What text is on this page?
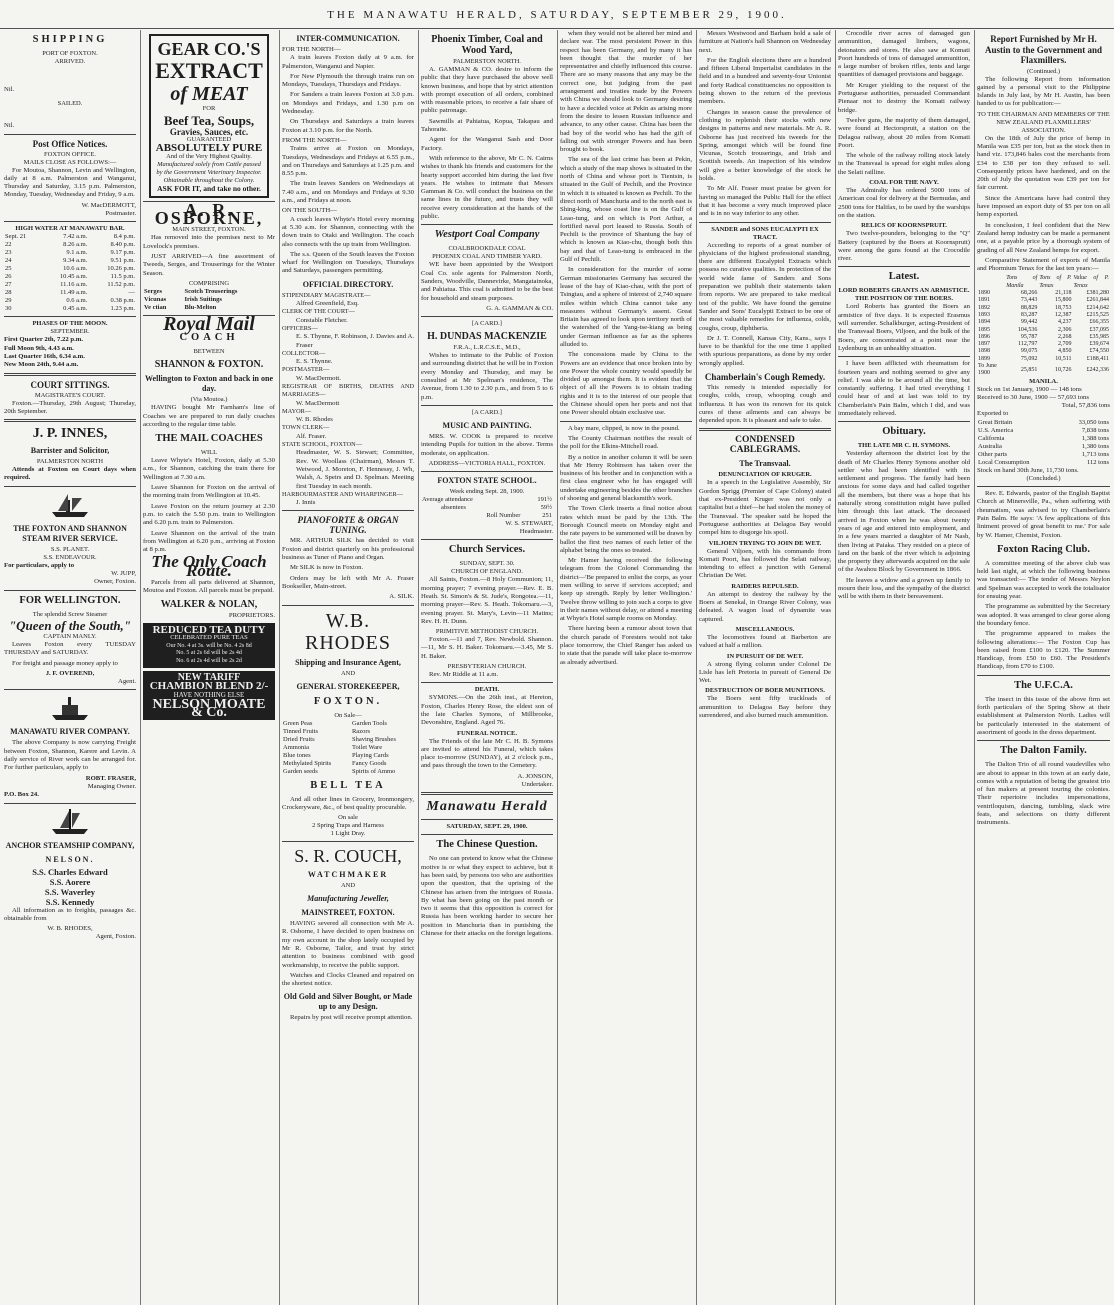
THE MANAWATU HERALD, SATURDAY, SEPTEMBER 29, 1900.
SHIPPING
PORT OF FOXTON.
ARRIVED.
Nil.
SAILED.
Nil.
Post Office Notices.
FOXTON OFFICE.
MAILS CLOSE AS FOLLOWS:—

For Moutoa, Shannon, Levin and Wellington, daily at 8 a.m. Palmerston and Wanganui, Thursday and Saturday, 3.15 p.m. Palmerston, Monday, Tuesday, Wednesday and Friday, 9 a.m.

W. MacDERMOTT,
Postmaster.
HIGH WATER AT MANAWATU BAR.
Sept. 21	7.42 a.m.	8.4 p.m.
22	8.26 a.m.	8.40 p.m.
23	9.1 a.m.	9.17 p.m.
24	9.34 a.m.	9.51 p.m.
25	10.6 a.m.	10.26 p.m.
26	10.45 a.m.	11.5 p.m.
27	11.16 a.m.	11.52 p.m.
28	11.49 a.m.	—
29	0.6 a.m.	0.38 p.m.
30	0.45 a.m.	1.23 p.m.
PHASES OF THE MOON.
SEPTEMBER.
First Quarter 2th, 7.22 p.m.
Full Moon 9th, 4.43 a.m.
Last Quarter 16th, 6.34 a.m.
New Moon 24th, 9.44 a.m.
COURT SITTINGS.
MAGISTRATE'S COURT.

Foxton.—Thursday, 29th August; Thursday, 20th September.

J. P. INNES,
Barrister and Solicitor,
PALMERSTON NORTH

Attends at Foxton on Court days when required.

THE FOXTON AND SHANNON STEAM RIVER SERVICE.
S.S. PLANET.
S.S. ENDEAVOUR.
For particulars, apply to
W. JUPP,
Owner, Foxton.
FOR WELLINGTON.
The splendid Screw Steamer
"Queen of the South,"
CAPTAIN MANLY.

Leaves Foxton every TUESDAY THURSDAY and SATURDAY.

For freight and passage money apply to

J. F. OVEREND,
Agent.
MANAWATU RIVER COMPANY.

The above Company is now carrying Freight between Foxton, Shannon, Karere and Levin. A daily service of River work can be arranged for. For further particulars, apply to

ROBT. FRASER,
Managing Owner.
P.O. Box 24.
ANCHOR STEAMSHIP COMPANY,
NELSON.
S.S. Charles Edward
S.S. Aorere
S.S. Waverley
S.S. Kennedy

All information as to freights, passages &c. obtainable from

W. B. RHODES,
Agent, Foxton.
GEAR CO.'S
EXTRACT
of MEAT
FOR
Beef Tea, Soups,
Gravies, Sauces, etc.
GUARANTEED
ABSOLUTELY PURE
And of the Very Highest Quality.
Manufactured solely from Cattle passed by the Government Veterinary Inspector. Obtainable throughout the Colony.
ASK FOR IT, and take no other.
A. R. OSBORNE,
MAIN STREET, FOXTON.

Has removed into the premises next to Mr Lovelock's premises.

JUST ARRIVED—A fine assortment of Tweeds, Serges, and Trouserings for the Winter Season.

COMPRISING
Serges	Scotch Trouserings
Vicunas	Irish Suitings
Ve ctian	Blu-Melton
Royal Mail
COACH
BETWEEN
SHANNON & FOXTON.
Wellington to Foxton and back in one day.
(Via Moutoa.)

HAVING bought Mr Farnham's line of Coaches we are prepared to run daily coaches according to the regular time table.

THE MAIL COACHES
WILL

Leave Whyte's Hotel, Foxton, daily at 5.30 a.m., for Shannon, catching the train there for Wellington at 7.30 a.m.

Leave Shannon for Foxton on the arrival of the morning train from Wellington at 10.45.

Leave Foxton on the return journey at 2.30 p.m. to catch the 5.50 p.m. train to Wellington and 6.20 p.m. train to Palmerston.

Leave Shannon on the arrival of the train from Wellington at 6.20 p.m., arriving at Foxton at 8 p.m.

The Only Coach Route.

Parcels from all parts delivered at Shannon, Moutoa and Foxton. All parcels must be prepaid.

WALKER & NOLAN,
PROPRIETORS.
REDUCED TEA DUTY
CELEBRATED PURE TEAS
Our No. 4 at 3s. will be No. 4 2s 8d
No. 5 at 2s 6d will be 2s 4d
No. 6 at 2s 4d will be 2s 2d
NEW TARIFF
CHAMBION BLEND 2/-
HAVE NOTHING ELSE
NELSON MOATE & Co.
INTER-COMMUNICATION.
FOR THE NORTH—

A train leaves Foxton daily at 9 a.m. for Palmerston, Wanganui and Napier.

For New Plymouth the through trains run on Mondays, Tuesdays, Thursdays and Fridays.

For Sanders a train leaves Foxton at 3.0 p.m. on Mondays and Fridays, and 1.30 p.m on Wednesday.

On Thursdays and Saturdays a train leaves Foxton at 3.10 p.m. for the North.

FROM THE NORTH—

Trains arrive at Foxton on Mondays, Tuesdays, Wednesdays and Fridays at 6.55 p.m., and on Thursdays and Saturdays at 1.25 p.m. and 8.55 p.m.

The train leaves Sanders on Wednesdays at 7.40 a.m., and on Mondays and Fridays at 9.30 a.m., and Fridays at noon.

ON THE SOUTH—

A coach leaves Whyte's Hotel every morning at 5.30 a.m. for Shannon, connecting with the down train to Otaki and Wellington. The coach also connects with the up train from Wellington.

The s.s. Queen of the South leaves the Foxton wharf for Wellington on Tuesdays, Thursdays and Saturdays, passengers permitting.

OFFICIAL DIRECTORY.
STIPENDIARY MAGISTRATE—
Alfred Greenfield, Esq.
CLERK OF THE COURT—
Constable Fletcher.
OFFICERS—
E. S. Thynne, F. Robinson, J. Davies and A. Fraser
COLLECTOR—
E. S. Thynne.
POSTMASTER—
W. MacDermott.
REGISTRAR OF BIRTHS, DEATHS AND MARRIAGES—
W. MacDermott
MAYOR—
W. B. Rhodes
TOWN CLERK—
Alf. Fraser.
STATE SCHOOL, FOXTON—
Headmaster, W. S. Stewart; Committee, Rev. W. Woollass (Chairman), Messrs T. Wetwood, J. Moreton, F. Hennessy, J. Wh, Walsh, A. Speirs and D. Spelman. Meeting first Tuesday in each month.
HARBOURMASTER AND WHARFINGER—
J. Innis
PIANOFORTE & ORGAN TUNING.

MR. ARTHUR SILK has decided to visit Foxton and district quarterly on his professional business as Tuner of Piano and Organ.

Mr SILK is now in Foxton.

Orders may be left with Mr A. Fraser Bookseller, Main-street.

A. SILK.
W.B. RHODES
Shipping and Insurance Agent,
AND
GENERAL STOREKEEPER,
FOXTON.
On Sale—
Green Peas	Garden Tools
Tinned Fruits	Razors
Dried Fruits	Shaving Brushes
Ammonia	Toilet Ware
Blue tones	Playing Cards
Methylated Spirits	Fancy Goods
Garden seeds	Spirits of Ammo
BELL TEA

And all other lines in Grocery, Ironmongery, Crockeryware, &c., of best quality procurable.

On sale
2 Spring Traps and Harness
1 Light Dray.
S. R. COUCH,
WATCHMAKER
AND
Manufacturing Jeweller,
MAINSTREET, FOXTON.

HAVING severed all connection with Mr A. R. Osborne, I have decided to open business on my own account in the shop lately occupied by Mr R. Osborne, Tailor, and trust by strict attention to business combined with good workmanship, to receive the public support.

Watches and Clocks Cleaned and repaired on the shortest notice.

Old Gold and Silver Bought, or Made up to any Design.

Repairs by post will receive prompt attention.

Phoenix Timber, Coal and Wood Yard,
PALMERSTON NORTH.

A. GAMMAN & CO. desire to inform the public that they have purchased the above well known business, and hope that by strict attention with prompt execution of all orders, combined with reasonable prices, to receive a fair share of public patronage.

Sawmills at Pahiatua, Kopua, Takapau and Tahoraite.

Agent for the Wanganui Sash and Door Factory.

With reference to the above, Mr C. N. Cairns wishes to thank his friends and customers for the hearty support accorded him during the last five years. He wishes to intimate that Messrs Gamman & Co. will conduct the business on the same lines in the future, and trusts they will receive every consideration at the hands of the public.

Westport Coal Company
COALBROOKDALE COAL
PHOENIX COAL AND TIMBER YARD.

WE have been appointed by the Westport Coal Co. sole agents for Palmerston North, Sanders, Woodville, Dannevirke, Mangatainoka, and Pahiatua. This coal is admitted to be the best for household and steam purposes.

G. A. GAMMAN & CO.
[A CARD.]
H. DUNDAS MACKENZIE
F.R.A., L.R.C.S.E., M.D.,

Wishes to intimate to the Public of Foxton and surrounding district that he will be in Foxton every Monday and Thursday, and may be consulted at Mr Spelman's residence, The Avenue, from 1.30 to 2.30 p.m., and from 5 to 6 p.m.

[A CARD.]
MUSIC AND PAINTING.

MRS. W. COOK is prepared to receive intending Pupils for tuition in the above. Terms moderate, on application.

ADDRESS—VICTORIA HALL, FOXTON.
FOXTON STATE SCHOOL.
Week ending Sept. 28, 1900.
Average attendance	191½
absentees	59½
Roll Number	251
W. S. STEWART,
Headmaster.
Church Services.
SUNDAY, SEPT. 30.
CHURCH OF ENGLAND.

All Saints, Foxton.—8 Holy Communion; 11, morning prayer; 7 evening prayer.—Rev. E. B. Heath. St. Simon's & St. Jude's, Rongotea.—11, morning prayer—Rev. S. Heath. Tokomaru.—3, evening prayer. St. Mary's, Levin—11 Matins; Rev. H. H. Dunn.

PRIMITIVE METHODIST CHURCH.

Foxton.—11 and 7, Rev. Newbold. Shannon.—11, Mr S. H. Baker. Tokomaru.—3.45, Mr S. H. Baker.

PRESBYTERIAN CHURCH.

Rev. Mr Riddle at 11 a.m.

DEATH.

SYMONS.—On the 26th inst., at Hereton, Foxton, Charles Henry Rose, the eldest son of the late Charles Symons, of Millbrooke, Devonshire, England. Aged 76.

FUNERAL NOTICE.

The Friends of the late Mr C. H. B. Symons are invited to attend his Funeral, which takes place to-morrow (SUNDAY), at 2 o'clock p.m., and pass through the town to the Cemetery.

A. JONSON,
Undertaker.
Manawatu Herald
SATURDAY, SEPT. 29, 1900.
The Chinese Question.

No one can pretend to know what the Chinese motive is or what they expect to achieve, but it has been said, by persons too who are authorities upon the question, that the uprising of the Chinese has arisen from the intrigues of Russia. By what has been going on the past month or two it seems that this opposition is correct for Russia has been working harder to secure her position in Manchuria than in punishing the Chinese for their attacks on the foreign legations.

when they would not be altered her mind and declare war. The most persistent Power in this respect has been Germany, and by many it has been thought that the murder of her representative and chiefly influenced this course. There are so many reasons that any may be the correct one, but judging from the past arrangement and treaties made by the Powers with China we should look to Germany desiring to have a decided voice at Pekin as arising more from the desire to lessen Russian influence and advance, to any other cause. China has been the bad boy of the world who has had the gift of falling out with stronger Powers and has been brought to book.

The sea of the last crime has been at Pekin, which a study of the map shows is situated in the north of China and whose port is Tientsin, is situated in the Gulf of Pechili, and the Province in which it is situated is known as Pechili. To the direct north of Manchuria and to the north east is Shing-king, whose coast line is on the Gulf of Leao-tung, and on which is Port Arthur, a fortified naval port leased to Russia. South of Pechili is the province of Shantung the bay of which is known as Kiao-chu, though both this bay and that of Leao-tung is embraced in the Gulf of Pechili.

In consideration for the murder of some German missionaries Germany has secured the lease of the bay of Kiao-chau, with the port of Tsingtau, and a sphere of interest of 2,740 square miles within which China cannot take any measures without Germany's assent. Great Britain has agreed to look upon territory north of the watershed of the Yang-tse-kiang as being under German influence as far as the spheres alluded to.

The concessions made by China to the Powers are an evidence that once broken into by one Power the whole country would speedily be divided up amongst them. It is evident that the object of all the Powers is to obtain trading rights and it is to the interest of our people that the Chinese should open her ports and not that one Power should obtain exclusive use.

A bay mare, clipped, is now in the pound.

The County Chairman notifies the result of the poll for the Elkins-Mitchell road.

By a notice in another column it will be seen that Mr Henry Robinson has taken over the business of his brother and in conjunction with a first class engineer who he has engaged will undertake engineering besides the other branches of shoeing and general blacksmith's work.

The Town Clerk inserts a final notice about rates which must be paid by the 13th. The Borough Council meets on Monday night and the rate payers to be summoned will be drawn by ballot the first two names of each letter of the alphabet being the ones so treated.

Mr Hamer having received the following telegram from the Colonel Commanding the district—'Be prepared to enlist the corps, as your men willing to serve if services accepted; and keep up strength. Reply by letter Wellington.' Twelve throw willing to join such a corps to give in their names without delay, or attend a meeting at Whyte's Hotel sample rooms on Monday.

There having been a rumour about town that the church parade of Foresters would not take place tomorrow, the Chief Ranger has asked us to state that the parade will take place to-morrow as already advertised.

Messrs Westwood and Barham hold a sale of furniture at Nation's hall Shannon on Wednesday next.

For the English elections there are a hundred and fifteen Liberal Imperialist candidates in the field and in a hundred and seventy-four Unionist and forty Radical constituencies no opposition is being shown to the return of the previous members.

Changes in season cause the prevalence of clothing to replenish their stocks with new designs in patterns and new materials. Mr A. R. Osborne has just received his tweeds for the Spring, amongst which will be found fine Vicunas, Scotch trouserings, and Irish and Scottish tweeds. An inspection of his window will give a better knowledge of the stock he holds.

To Mr Alf. Fraser must praise be given for having so managed the Public Hall for the effect that it has become a very much improved place and is in no way inferior to any other.

SANDER and SONS EUCALYPTI EX TRACT.

According to reports of a great number of physicians of the highest professional standing, there are different Eucalyptol Extracts which possess no curative qualities. In protection of the world wide fame of Sanders and Sons preparation we publish their statements taken from reports. We are prepared to take medical test of the public. We have found the genuine Sander and Sons' Eucalypti Extract to be one of the most valuable remedies for influenza, colds, coughs, croup, diphtheria.

Dr J. T. Connell, Kansas City, Kans., says I have to be thankful for the one time I applied with spurious preparations, as done by my order wrongly applied.

Chamberlain's Cough Remedy.

This remedy is intended especially for coughs, colds, croup, whooping cough and influenza. It has won its renown for its quick cures of these ailments and can always be depended upon. It is pleasant and safe to take.

CONDENSED CABLEGRAMS.
The Transvaal.
DENUNCIATION OF KRUGER.

In a speech in the Legislative Assembly, Sir Gordon Sprigg (Premier of Cape Colony) stated that ex-President Kruger was not only a capitalist but a thief—he had stolen the money of the Transvaal. The speaker said he hoped the Portuguese authorities at Delagoa Bay would compel him to disgorge his spoil.

VILJOEN TRYING TO JOIN DE WET.

General Viljoen, with his commando from Komati Poort, has followed the Selati railway, intending to effect a junction with General Christian De Wet.

RAIDERS REPULSED.

An attempt to destroy the railway by the Boers at Senekal, in Orange River Colony, was defeated. A wagon load of dynamite was captured.

MISCELLANEOUS.

The locomotives found at Barberton are valued at half a million.

IN PURSUIT OF DE WET.

A strong flying column under Colonel De Lisle has left Pretoria in pursuit of General De Wet.

DESTRUCTION OF BOER MUNITIONS.

The Boers sent fifty truckloads of ammunition to Delagoa Bay before they surrendered, and also burned much ammunition.

Crocodile river acres of damaged gun ammunition, damaged limbers, wagons, detonators and stores. He also saw at Komati Poort hundreds of tons of damaged ammunition, a large number of broken rifles, tents and large quantities of damaged provisions and baggage.

Mr Kruger yielding to the request of the Portuguese authorities, persuaded Commandant Pienaar not to destroy the Komati railway bridge.

Twelve guns, the majority of them damaged, were found at Hectorspruit, a station on the Delagoa railway, about 20 miles from Komati Poort.

The whole of the railway rolling stock lately in the Transvaal is spread for eight miles along the Selati railline.

COAL FOR THE NAVY.

The Admiralty has ordered 5000 tons of American coal for delivery at the Bermudas, and 2500 tons for Halifax, to be used by the warships on the station.

RELICS OF KOORNSPRUIT.

Two twelve-pounders, belonging to the "Q" Battery (captured by the Boers at Koornspruit) were among the guns found at the Crocodile river.

Latest.
LORD ROBERTS GRANTS AN ARMISTICE.
THE POSITION OF THE BOERS.

Lord Roberts has granted the Boers an armistice of five days. It is expected Erasmus will surrender. Schalkburger, acting-President of the Transvaal Boers, Viljoen, and the bulk of the Boers, are concentrated at a point near the Lydenburg in an unhealthy situation.

I have been afflicted with rheumatism for fourteen years and nothing seemed to give any relief. I was able to be around all the time, but constantly suffering. I had tried everything I could hear of and at last was told to try Chamberlain's Pain Balm, which I did, and was immediately relieved.

Obituary.
THE LATE MR C. H. SYMONS.

Yesterday afternoon the district lost by the death of Mr Charles Henry Symons another old settler who had been identified with its settlement and progress. The family had been anxious for some days and had called together all the members, but there was a hope that his naturally strong constitution might have pulled him through this last attack. The deceased arrived in Foxton when he was about twenty years of age and entered into employment, and in a few years married a daughter of Mr Nash, then living at Paiaka. They resided on a piece of land on the bank of the river which is adjoining the property they afterwards acquired on the sale of the Awahou Block by Government in 1866.

He leaves a widow and a grown up family to mourn their loss, and the sympathy of the district will be with them in their bereavement.

Report Furnished by Mr H. Austin to the Government and Flaxmillers.
(Continued.)

The following Report from information gained by a personal visit to the Philippine Islands in July last, by Mr H. Austin, has been handed to us for publication:—

TO THE CHAIRMAN AND MEMBERS OF THE NEW ZEALAND FLAXMILLERS' ASSOCIATION.

On the 18th of July the price of hemp in Manila was £35 per ton, but as the stock then in hand viz. 173,846 bales cost the merchants from £34 to £38 per ton they refused to sell. Consequently prices have hardened, and on the 20th of July the quotation was £39 per ton for fair current.

Since the Americans have had control they have imposed an export duty of $5 per ton on all hemp exported.

In conclusion, I feel confident that the New Zealand hemp industry can be made a permanent one, at a payable price by a thorough system of grading of all New Zealand hemps for export.

Comparative Statement of exports of Manila and Phormium Tenax for the last ten years:—

	Tons of Manila	Tons of P. Tenax	Value of P. Tenax
1890	68,266	21,118	£381,280
1891	73,443	15,800	£261,844
1892	88,829	18,753	£214,642
1893	83,287	12,387	£215,525
1894	99,442	4,237	£66,355
1895	104,536	2,306	£37,095
1896	95,787	2,268	£35,985
1897	112,797	2,709	£39,674
1898	99,075	4,850	£74,550
1899	75,092	10,511	£188,411
To June 1900	25,851	10,726	£242,336
MANILA.
Stock on 1st January, 1900 — 148 tons
Received to 30 June, 1900 — 57,693 tons
Total, 57,836 tons
Exported to
Great Britain	33,050 tons
U.S. America	7,838 tons
California	1,388 tons
Australia	1,380 tons
Other parts	1,713 tons
Local Consumption	112 tons
Stock on hand 30th June, 11,730 tons.
(Concluded.)

Rev. E. Edwards, pastor of the English Baptist Church at Minersville, Pa., when suffering with rheumatism, was advised to try Chamberlain's Pain Balm. He says: 'A few applications of this liniment proved of great benefit to me.' For sale by W. Hamer, Chemist, Foxton.

Foxton Racing Club.

A committee meeting of the above club was held last night, at which the following business was transacted:— The tender of Messrs Neylon and Spelman was accepted to work the totalisator for ensuing year.

The programme as submitted by the Secretary was adopted. It was arranged to clear gorse along the boundary fence.

The programme appeared to makes the following alterations:— The Foxton Cup has been raised from £100 to £120. The Summer Handicap, from £50 to £60. The President's Handicap, from £70 to £100.

The U.F.C.A.

The insect in this issue of the above firm set forth particulars of the Spring Show at their establishment at Palmerston North. Ladies will be particularly interested in the statement of assortment of goods in the dress department.

The Dalton Family.

The Dalton Trio of all round vaudevilles who are about to appear in this town at an early date, comes with a reputation of being the greatest trio of fun makers at present touring the colonies. Their repertoire includes impersonations, ventriloquism, dancing, tumbling, slack wire feats, and selections on thirty different instruments.
